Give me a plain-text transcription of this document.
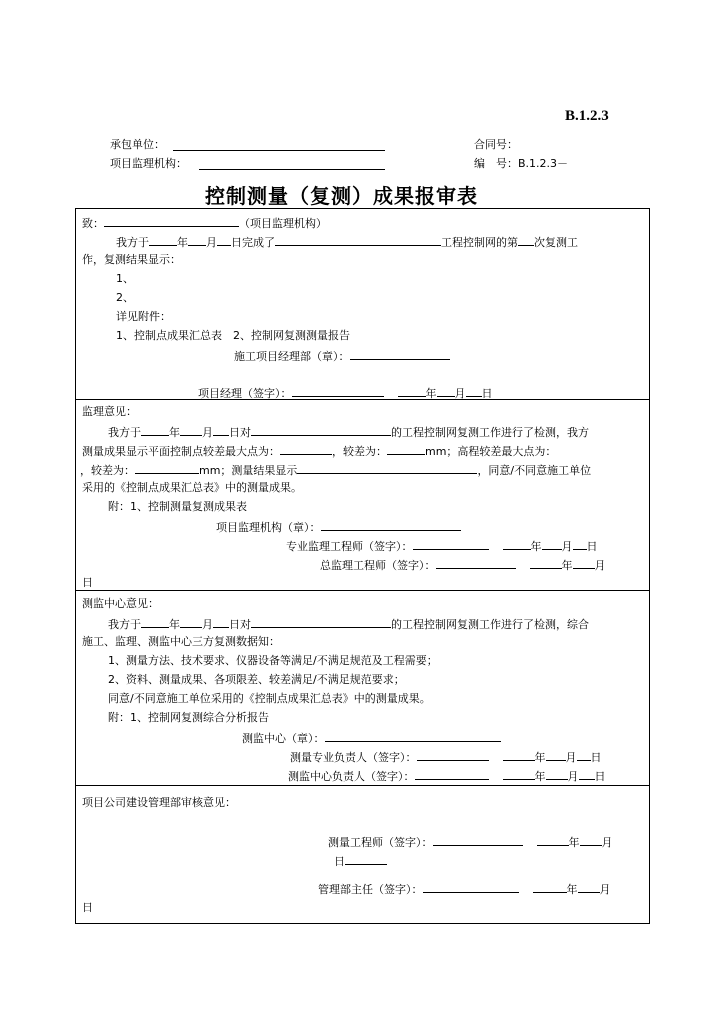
B.1.2.3
承包单位：	合同号：
项目监理机构：	编　号：B.1.2.3－
控制测量（复测）成果报审表
致：	（项目监理机构）
我方于	年 月 日完成了	工程控制网的第 次复测工
作，复测结果显示：
1、
2、
详见附件：
1、控制点成果汇总表　2、控制网复测测量报告
施工项目经理部（章）：
项目经理（签字）：	年 月 日
监理意见：
我方于	年 月 日对	的工程控制网复测工作进行了检测，我方
测量成果显示平面控制点较差最大点为：	，较差为：	mm；高程较差最大点为：
，较差为：	mm；测量结果显示	，同意/不同意施工单位
采用的《控制点成果汇总表》中的测量成果。
附：1、控制测量复测成果表
项目监理机构（章）：
专业监理工程师（签字）：	年 月 日
总监理工程师（签字）：	年 月
日
测监中心意见：
我方于	年 月 日对	的工程控制网复测工作进行了检测，综合
施工、监理、测监中心三方复测数据知：
1、测量方法、技术要求、仪器设备等满足/不满足规范及工程需要；
2、资料、测量成果、各项限差、较差满足/不满足规范要求；
同意/不同意施工单位采用的《控制点成果汇总表》中的测量成果。
附：1、控制网复测综合分析报告
测监中心（章）：
测量专业负责人（签字）：	年 月 日
测监中心负责人（签字）：	年 月 日
项目公司建设管理部审核意见：
测量工程师（签字）：	年 月
日
管理部主任（签字）：	年 月
日
